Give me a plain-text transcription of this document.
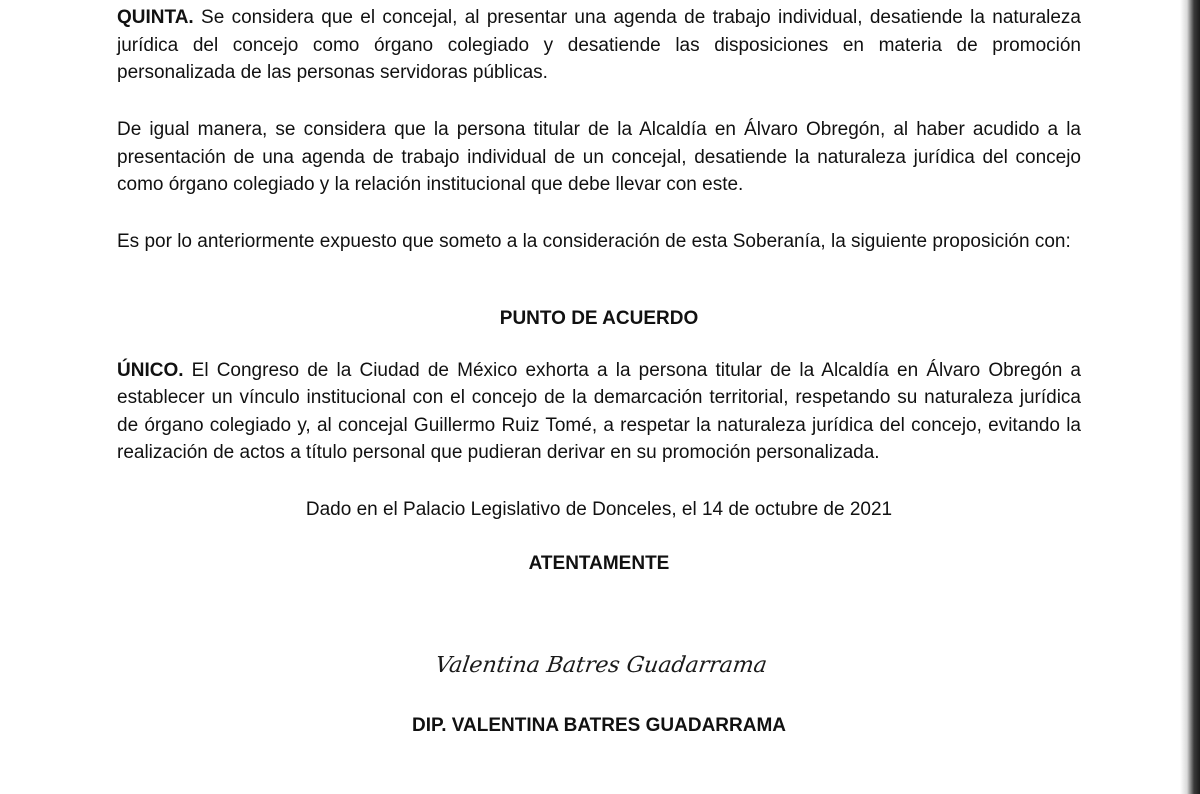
QUINTA. Se considera que el concejal, al presentar una agenda de trabajo individual, desatiende la naturaleza jurídica del concejo como órgano colegiado y desatiende las disposiciones en materia de promoción personalizada de las personas servidoras públicas.

De igual manera, se considera que la persona titular de la Alcaldía en Álvaro Obregón, al haber acudido a la presentación de una agenda de trabajo individual de un concejal, desatiende la naturaleza jurídica del concejo como órgano colegiado y la relación institucional que debe llevar con este.

Es por lo anteriormente expuesto que someto a la consideración de esta Soberanía, la siguiente proposición con:

PUNTO DE ACUERDO

ÚNICO. El Congreso de la Ciudad de México exhorta a la persona titular de la Alcaldía en Álvaro Obregón a establecer un vínculo institucional con el concejo de la demarcación territorial, respetando su naturaleza jurídica de órgano colegiado y, al concejal Guillermo Ruiz Tomé, a respetar la naturaleza jurídica del concejo, evitando la realización de actos a título personal que pudieran derivar en su promoción personalizada.

Dado en el Palacio Legislativo de Donceles, el 14 de octubre de 2021

ATENTAMENTE

Valentina Batres Guadarrama

DIP. VALENTINA BATRES GUADARRAMA
